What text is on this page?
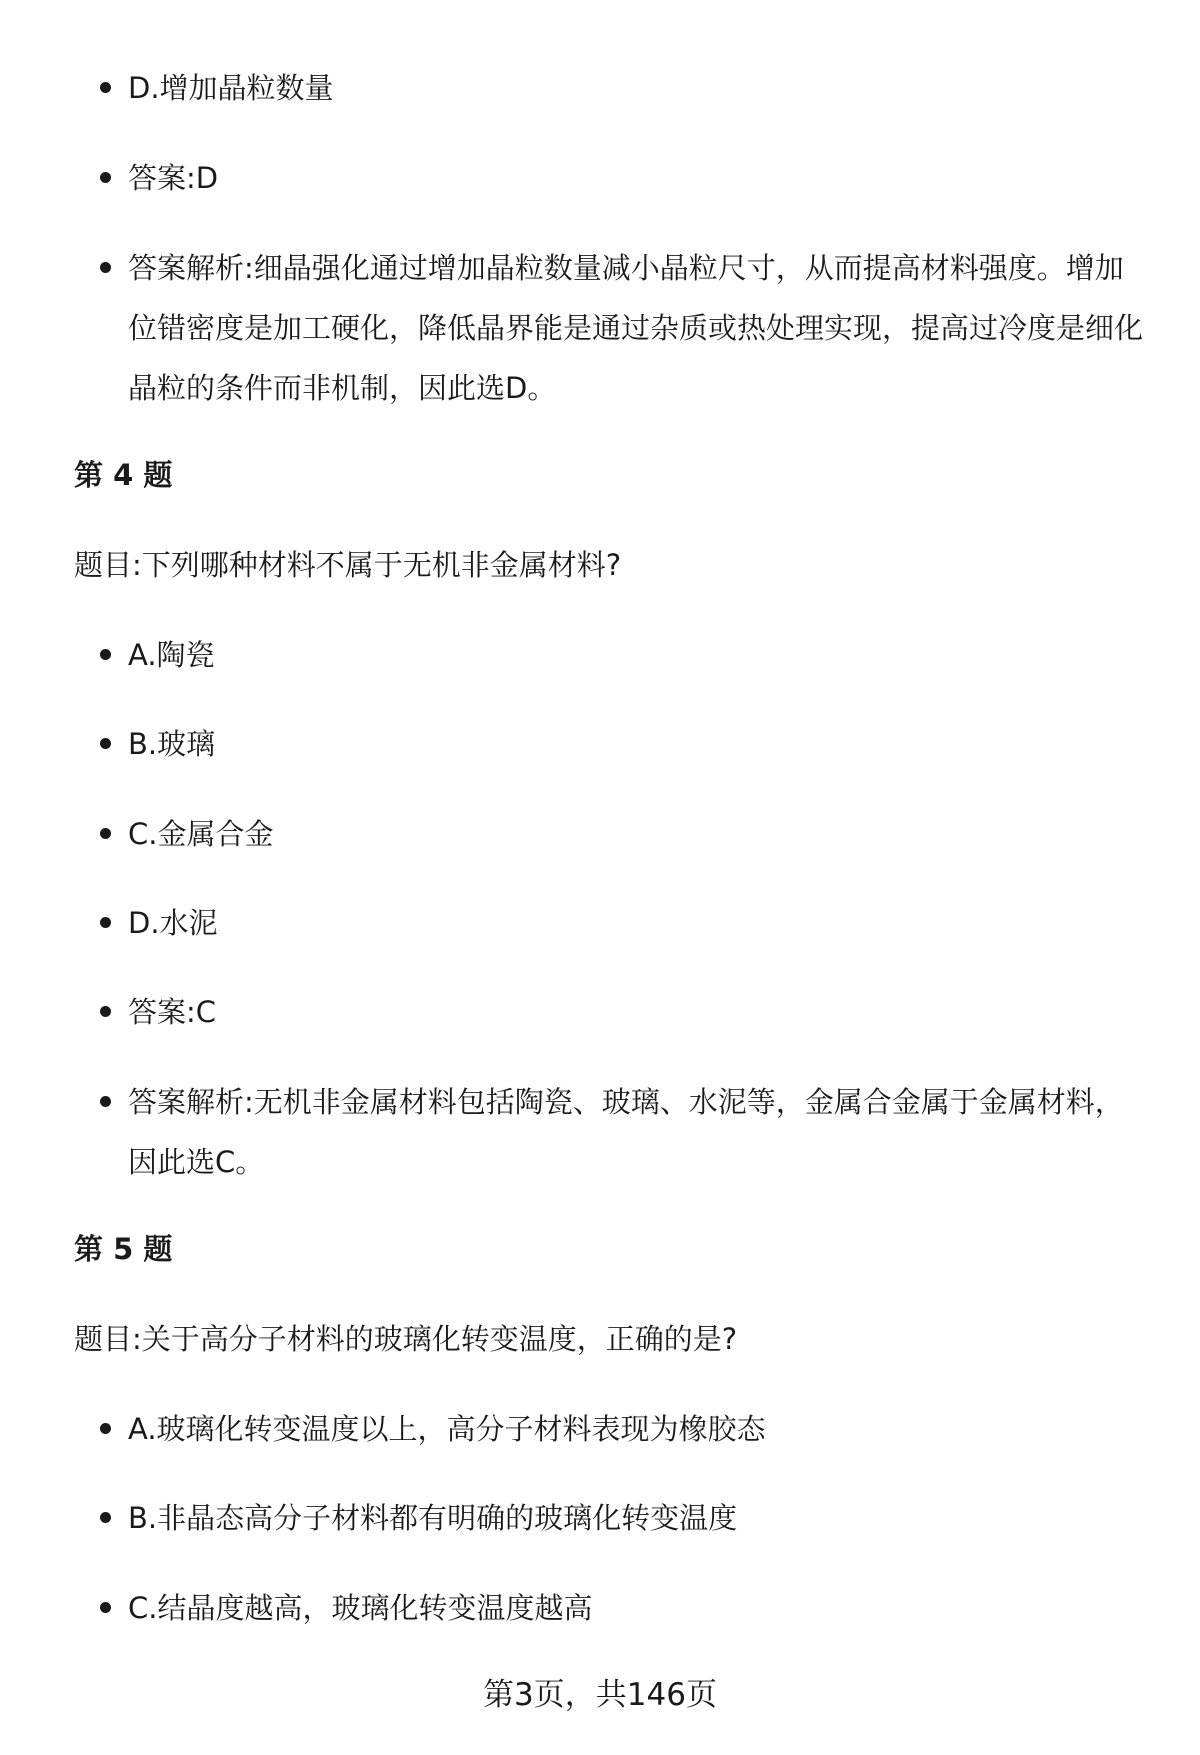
D.增加晶粒数量
答案:D
答案解析:细晶强化通过增加晶粒数量减小晶粒尺寸，从而提高材料强度。增加位错密度是加工硬化，降低晶界能是通过杂质或热处理实现，提高过冷度是细化晶粒的条件而非机制，因此选D。
第 4 题
题目:下列哪种材料不属于无机非金属材料?
A.陶瓷
B.玻璃
C.金属合金
D.水泥
答案:C
答案解析:无机非金属材料包括陶瓷、玻璃、水泥等，金属合金属于金属材料，因此选C。
第 5 题
题目:关于高分子材料的玻璃化转变温度，正确的是?
A.玻璃化转变温度以上，高分子材料表现为橡胶态
B.非晶态高分子材料都有明确的玻璃化转变温度
C.结晶度越高，玻璃化转变温度越高
第3页，共146页
